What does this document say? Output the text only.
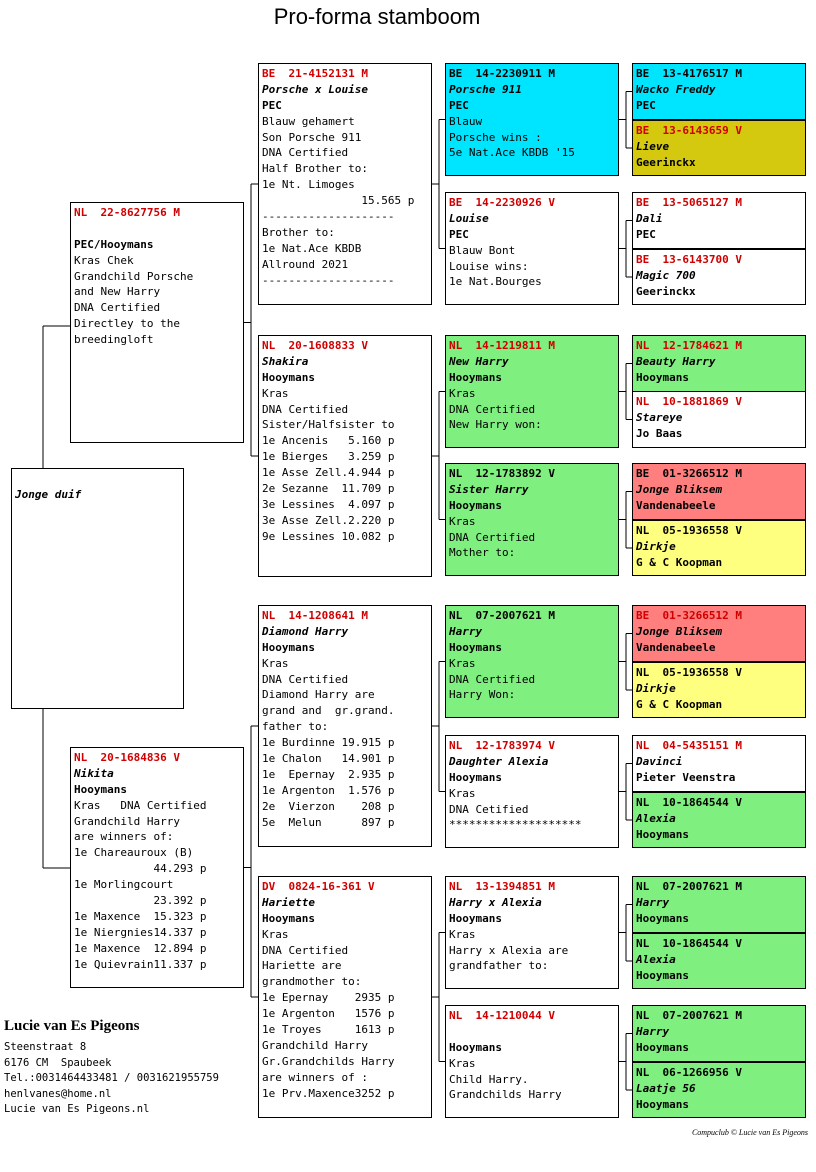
Pro-forma stamboom
Jonge duif
NL  22-8627756 M
PEC/Hooymans
Kras Chek
Grandchild Porsche
and New Harry
DNA Certified
Directley to the
breedingloft
NL  20-1684836 V
Nikita
Hooymans
Kras   DNA Certified
Grandchild Harry
are winners of:
1e Chareauroux (B)
44.293 p
1e Morlingcourt
23.392 p
1e Maxence  15.323 p
1e Niergnies14.337 p
1e Maxence  12.894 p
1e Quievrain11.337 p
BE  21-4152131 M
Porsche x Louise
PEC
Blauw gehamert
Son Porsche 911
DNA Certified
Half Brother to:
1e Nt. Limoges
15.565 p
--------------------
Brother to:
1e Nat.Ace KBDB
Allround 2021
--------------------
NL  20-1608833 V
Shakira
Hooymans
Kras
DNA Certified
Sister/Halfsister to
1e Ancenis   5.160 p
1e Bierges   3.259 p
1e Asse Zell.4.944 p
2e Sezanne  11.709 p
3e Lessines  4.097 p
3e Asse Zell.2.220 p
9e Lessines 10.082 p
NL  14-1208641 M
Diamond Harry
Hooymans
Kras
DNA Certified
Diamond Harry are
grand and  gr.grand.
father to:
1e Burdinne 19.915 p
1e Chalon   14.901 p
1e  Epernay  2.935 p
1e Argenton  1.576 p
2e  Vierzon    208 p
5e  Melun      897 p
DV  0824-16-361 V
Hariette
Hooymans
Kras
DNA Certified
Hariette are
grandmother to:
1e Epernay    2935 p
1e Argenton   1576 p
1e Troyes     1613 p
Grandchild Harry
Gr.Grandchilds Harry
are winners of :
1e Prv.Maxence3252 p
BE  14-2230911 M
Porsche 911
PEC
Blauw
Porsche wins :
5e Nat.Ace KBDB '15
BE  14-2230926 V
Louise
PEC
Blauw Bont
Louise wins:
1e Nat.Bourges
NL  14-1219811 M
New Harry
Hooymans
Kras
DNA Certified
New Harry won:
NL  12-1783892 V
Sister Harry
Hooymans
Kras
DNA Certified
Mother to:
NL  07-2007621 M
Harry
Hooymans
Kras
DNA Certified
Harry Won:
NL  12-1783974 V
Daughter Alexia
Hooymans
Kras
DNA Cetified
********************
NL  13-1394851 M
Harry x Alexia
Hooymans
Kras
Harry x Alexia are
grandfather to:
NL  14-1210044 V
Hooymans
Kras
Child Harry.
Grandchilds Harry
BE  13-4176517 M
Wacko Freddy
PEC
BE  13-6143659 V
Lieve
Geerinckx
BE  13-5065127 M
Dali
PEC
BE  13-6143700 V
Magic 700
Geerinckx
NL  12-1784621 M
Beauty Harry
Hooymans
NL  10-1881869 V
Stareye
Jo Baas
BE  01-3266512 M
Jonge Bliksem
Vandenabeele
NL  05-1936558 V
Dirkje
G & C Koopman
BE  01-3266512 M
Jonge Bliksem
Vandenabeele
NL  05-1936558 V
Dirkje
G & C Koopman
NL  04-5435151 M
Davinci
Pieter Veenstra
NL  10-1864544 V
Alexia
Hooymans
NL  07-2007621 M
Harry
Hooymans
NL  10-1864544 V
Alexia
Hooymans
NL  07-2007621 M
Harry
Hooymans
NL  06-1266956 V
Laatje 56
Hooymans
Lucie van Es Pigeons
Steenstraat 8
6176 CM  Spaubeek
Tel.:0031464433481 / 0031621955759
henlvanes@home.nl
Lucie van Es Pigeons.nl
Compuclub © Lucie van Es Pigeons
